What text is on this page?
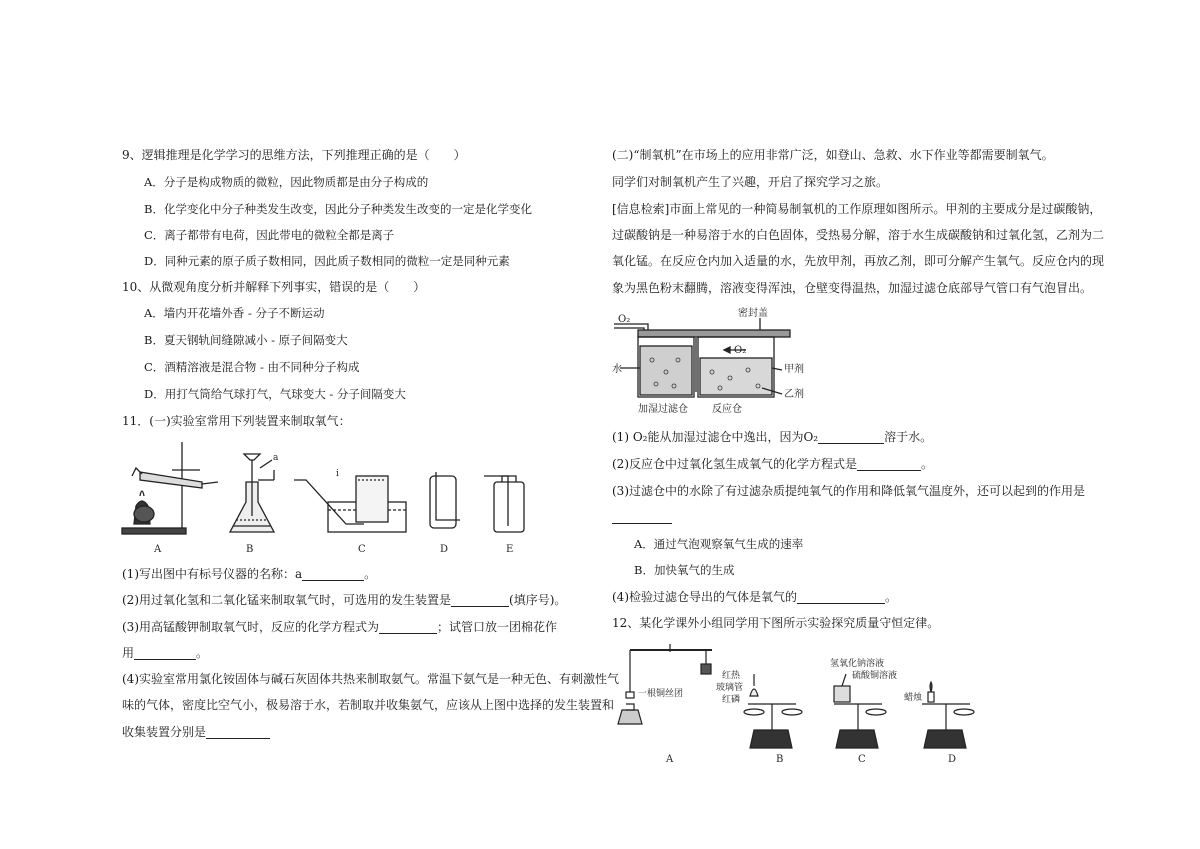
9、逻辑推理是化学学习的思维方法，下列推理正确的是（　　）
A．分子是构成物质的微粒，因此物质都是由分子构成的
B．化学变化中分子种类发生改变，因此分子种类发生改变的一定是化学变化
C．离子都带有电荷，因此带电的微粒全都是离子
D．同种元素的原子质子数相同，因此质子数相同的微粒一定是同种元素
10、从微观角度分析并解释下列事实，错误的是（　　）
A．墙内开花墙外香 - 分子不断运动
B．夏天钢轨间缝隙减小 - 原子间隔变大
C．酒精溶液是混合物 - 由不同种分子构成
D．用打气筒给气球打气，气球变大 - 分子间隔变大
11．(一)实验室常用下列装置来制取氧气：
a
i
A	B	C	D	E
(1)写出图中有标号仪器的名称：a	。
(2)用过氧化氢和二氧化锰来制取氧气时，可选用的发生装置是	(填序号)。
(3)用高锰酸钾制取氧气时，反应的化学方程式为	；试管口放一团棉花作
用	。
(4)实验室常用氯化铵固体与碱石灰固体共热来制取氨气。常温下氨气是一种无色、有刺激性气
味的气体，密度比空气小，极易溶于水，若制取并收集氨气，应该从上图中选择的发生装置和
收集装置分别是
(二)“制氧机”在市场上的应用非常广泛，如登山、急救、水下作业等都需要制氧气。
同学们对制氧机产生了兴趣，开启了探究学习之旅。
[信息检索]市面上常见的一种简易制氧机的工作原理如图所示。甲剂的主要成分是过碳酸钠，
过碳酸钠是一种易溶于水的白色固体，受热易分解，溶于水生成碳酸钠和过氧化氢，乙剂为二
氧化锰。在反应仓内加入适量的水，先放甲剂，再放乙剂，即可分解产生氧气。反应仓内的现
象为黑色粉末翻腾，溶液变得浑浊，仓壁变得温热，加湿过滤仓底部导气管口有气泡冒出。
O₂
密封盖
O₂
水	甲剂
乙剂
加湿过滤仓 反应仓
(1) O₂能从加湿过滤仓中逸出，因为O₂	溶于水。
(2)反应仓中过氧化氢生成氧气的化学方程式是	。
(3)过滤仓中的水除了有过滤杂质提纯氧气的作用和降低氧气温度外，还可以起到的作用是
A．通过气泡观察氧气生成的速率
B．加快氧气的生成
(4)检验过滤仓导出的气体是氧气的	。
12、某化学课外小组同学用下图所示实验探究质量守恒定律。
一根铜丝团
红热
玻璃管
红磷
氢氧化钠溶液
硫酸铜溶液
蜡烛
A	B	C	D
